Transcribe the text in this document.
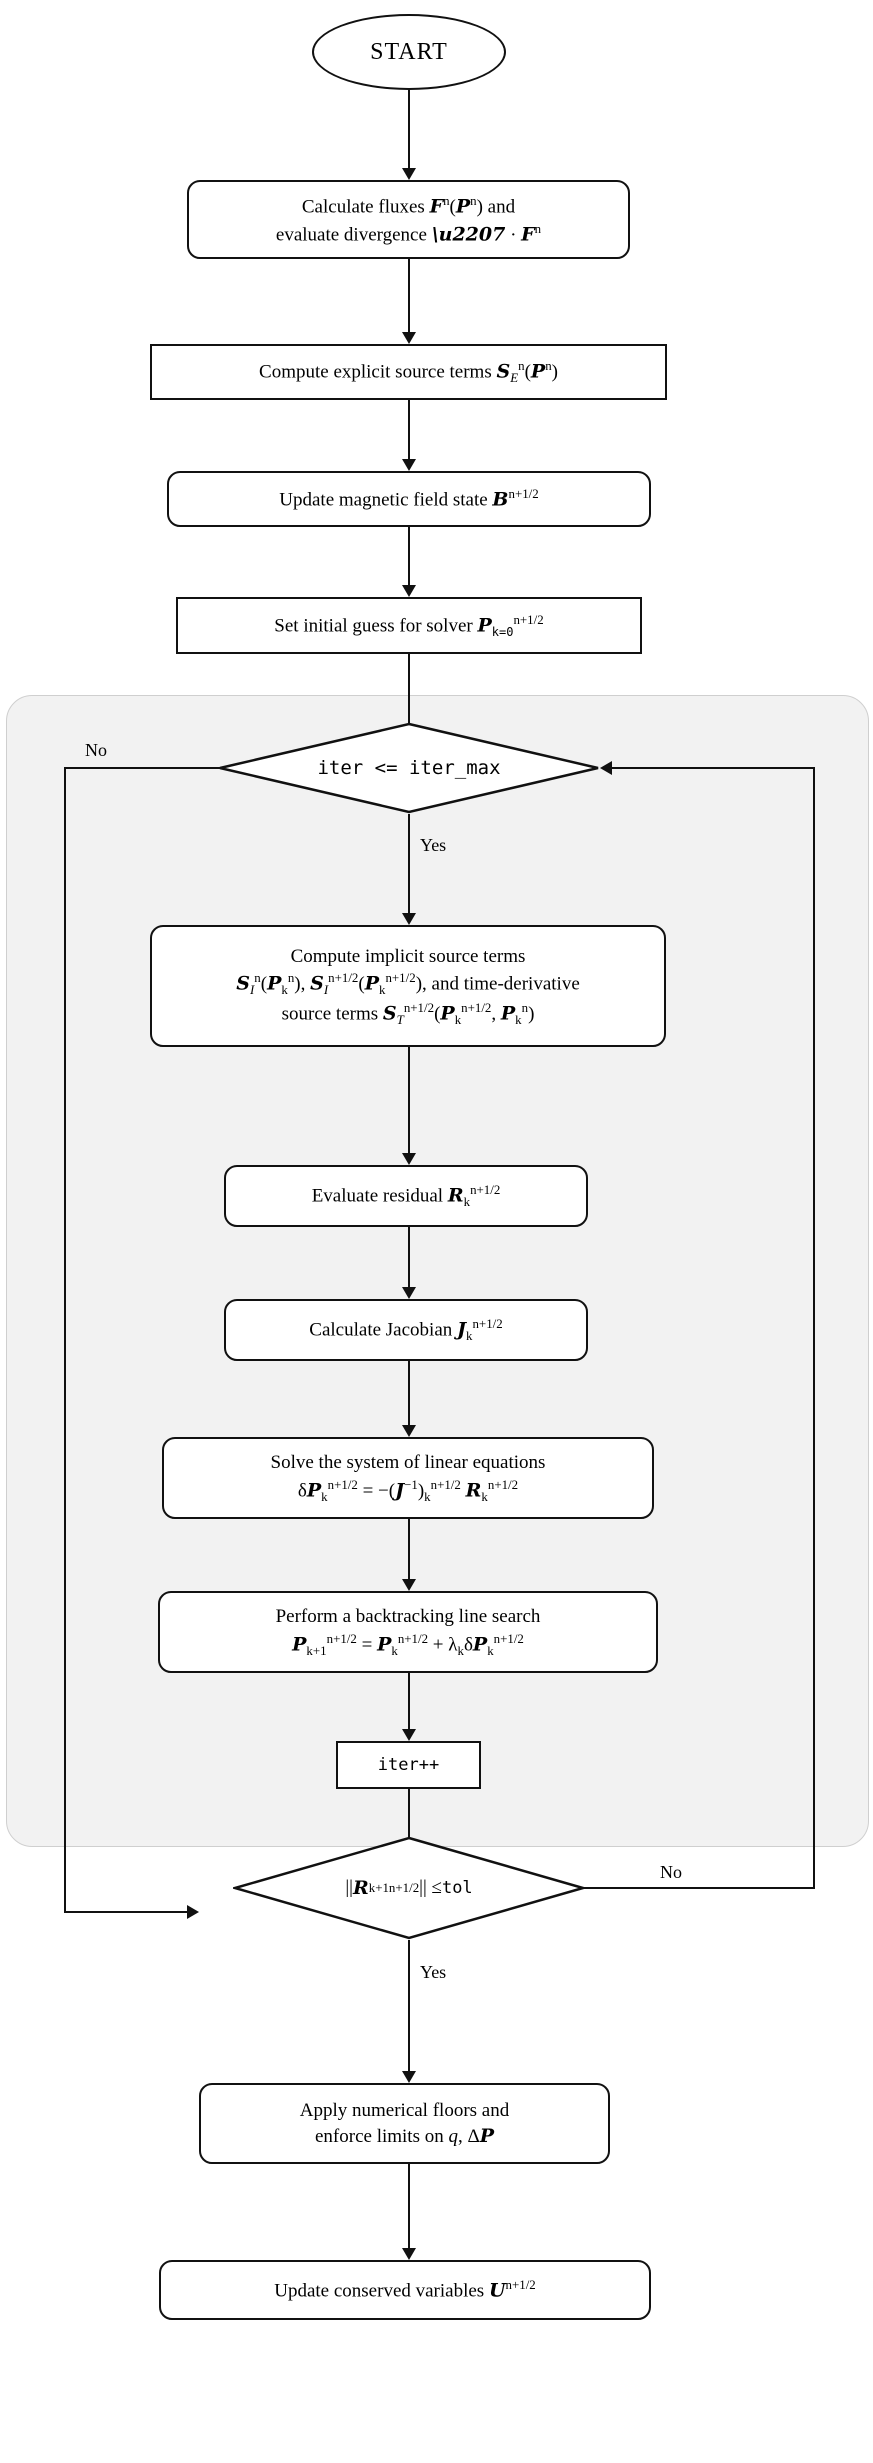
START
Calculate fluxes $F^n(P^n)$ and
evaluate divergence \u2207 · $F^n$
Compute explicit source terms $S_E^n(P^n)$
Update magnetic field state $B^{n+1/2}$
Set initial guess for solver $P_{k=0}^{n+1/2}$
iter <= iter_max
No
Yes
Compute implicit source terms
$S_I^n(P_k^n)$, $S_I^{n+1/2}(P_k^{n+1/2})$, and time-derivative
source terms $S_T^{n+1/2}(P_k^{n+1/2}$, $P_k^n$)
Evaluate residual $R_k^{n+1/2}$
Calculate Jacobian $J_k^{n+1/2}$
Solve the system of linear equations
$\delta P_k^{n+1/2} = -(J^{-1})_k^{n+1/2}$ $R_k^{n+1/2}$
Perform a backtracking line search
$P_{k+1}^{n+1/2} = P_k^{n+1/2} + \lambda_k\delta P_k^{n+1/2}$
iter++
|| R k+1 n+1/2 || ≤ tol
No
Yes
Apply numerical floors and
enforce limits on q, ΔP
Update conserved variables $U^{n+1/2}$
